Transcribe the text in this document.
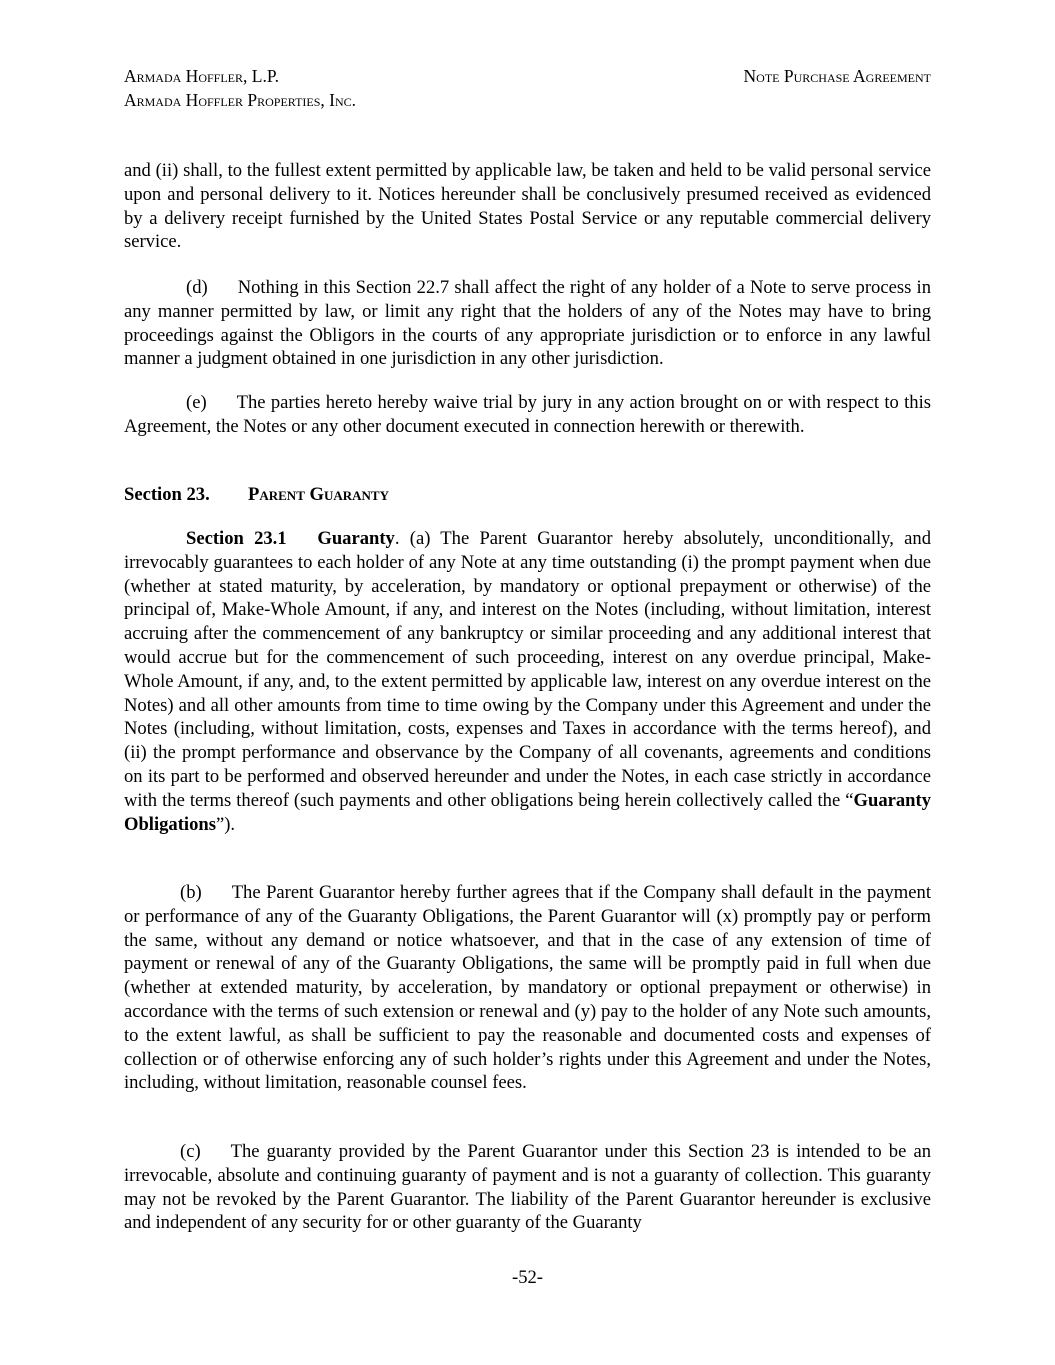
Armada Hoffler, L.P.
Armada Hoffler Properties, Inc.
Note Purchase Agreement

and (ii) shall, to the fullest extent permitted by applicable law, be taken and held to be valid personal service upon and personal delivery to it. Notices hereunder shall be conclusively presumed received as evidenced by a delivery receipt furnished by the United States Postal Service or any reputable commercial delivery service.

(d) Nothing in this Section 22.7 shall affect the right of any holder of a Note to serve process in any manner permitted by law, or limit any right that the holders of any of the Notes may have to bring proceedings against the Obligors in the courts of any appropriate jurisdiction or to enforce in any lawful manner a judgment obtained in one jurisdiction in any other jurisdiction.

(e) The parties hereto hereby waive trial by jury in any action brought on or with respect to this Agreement, the Notes or any other document executed in connection herewith or therewith.

Section 23. Parent Guaranty

Section 23.1 Guaranty. (a) The Parent Guarantor hereby absolutely, unconditionally, and irrevocably guarantees to each holder of any Note at any time outstanding (i) the prompt payment when due (whether at stated maturity, by acceleration, by mandatory or optional prepayment or otherwise) of the principal of, Make-Whole Amount, if any, and interest on the Notes (including, without limitation, interest accruing after the commencement of any bankruptcy or similar proceeding and any additional interest that would accrue but for the commencement of such proceeding, interest on any overdue principal, Make-Whole Amount, if any, and, to the extent permitted by applicable law, interest on any overdue interest on the Notes) and all other amounts from time to time owing by the Company under this Agreement and under the Notes (including, without limitation, costs, expenses and Taxes in accordance with the terms hereof), and (ii) the prompt performance and observance by the Company of all covenants, agreements and conditions on its part to be performed and observed hereunder and under the Notes, in each case strictly in accordance with the terms thereof (such payments and other obligations being herein collectively called the “Guaranty Obligations”).

(b) The Parent Guarantor hereby further agrees that if the Company shall default in the payment or performance of any of the Guaranty Obligations, the Parent Guarantor will (x) promptly pay or perform the same, without any demand or notice whatsoever, and that in the case of any extension of time of payment or renewal of any of the Guaranty Obligations, the same will be promptly paid in full when due (whether at extended maturity, by acceleration, by mandatory or optional prepayment or otherwise) in accordance with the terms of such extension or renewal and (y) pay to the holder of any Note such amounts, to the extent lawful, as shall be sufficient to pay the reasonable and documented costs and expenses of collection or of otherwise enforcing any of such holder’s rights under this Agreement and under the Notes, including, without limitation, reasonable counsel fees.

(c) The guaranty provided by the Parent Guarantor under this Section 23 is intended to be an irrevocable, absolute and continuing guaranty of payment and is not a guaranty of collection. This guaranty may not be revoked by the Parent Guarantor. The liability of the Parent Guarantor hereunder is exclusive and independent of any security for or other guaranty of the Guaranty

-52-
